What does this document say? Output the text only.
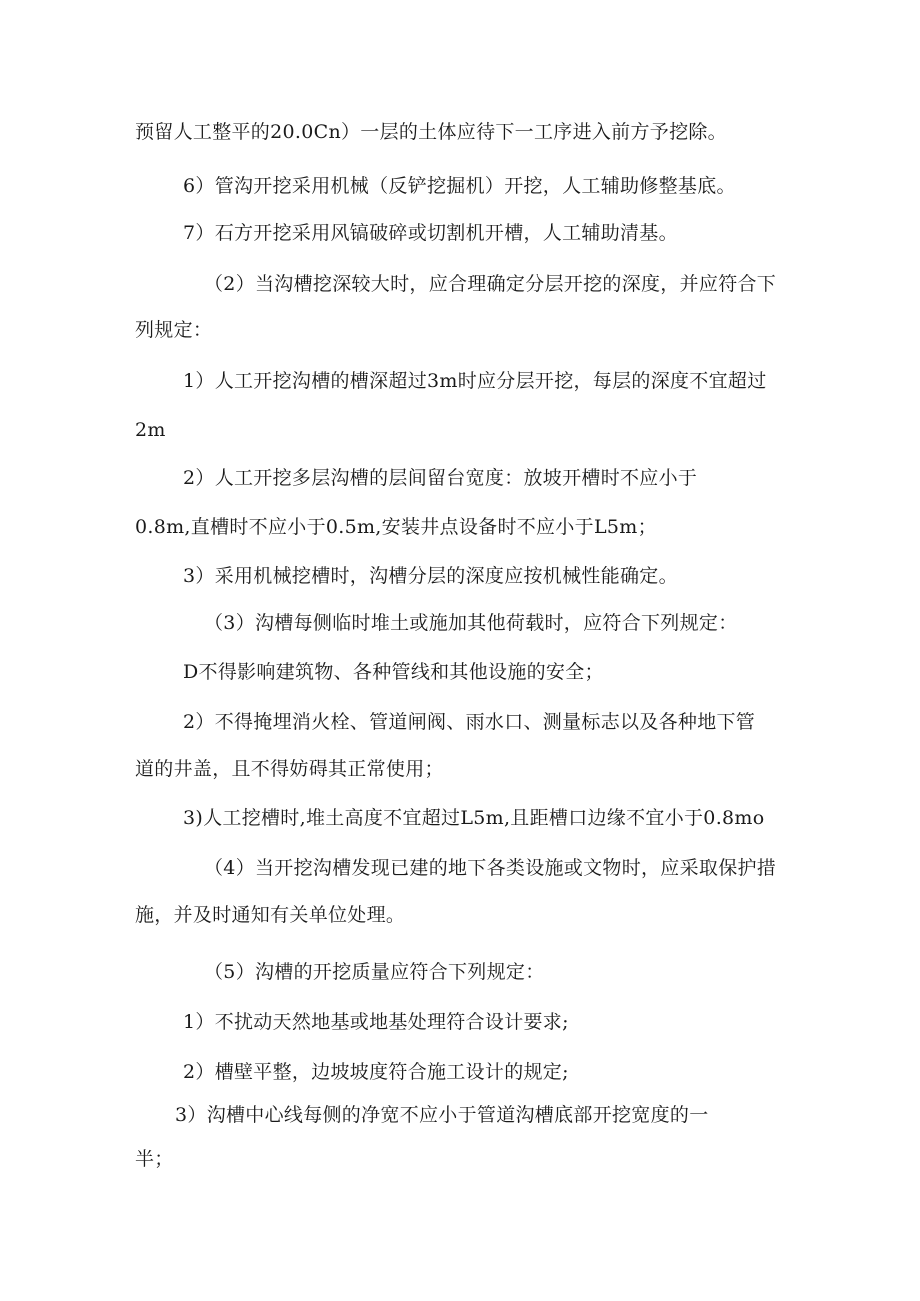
预留人工整平的20.0Cn）一层的土体应待下一工序进入前方予挖除。
6）管沟开挖采用机械（反铲挖掘机）开挖，人工辅助修整基底。
7）石方开挖采用风镐破碎或切割机开槽，人工辅助清基。
（2）当沟槽挖深较大时，应合理确定分层开挖的深度，并应符合下
列规定：
1）人工开挖沟槽的槽深超过3m时应分层开挖，每层的深度不宜超过
2m
2）人工开挖多层沟槽的层间留台宽度：放坡开槽时不应小于
0.8m,直槽时不应小于0.5m,安装井点设备时不应小于L5m；
3）采用机械挖槽时，沟槽分层的深度应按机械性能确定。
（3）沟槽每侧临时堆土或施加其他荷载时，应符合下列规定：
D不得影响建筑物、各种管线和其他设施的安全；
2）不得掩埋消火栓、管道闸阀、雨水口、测量标志以及各种地下管
道的井盖，且不得妨碍其正常使用；
3)人工挖槽时,堆土高度不宜超过L5m,且距槽口边缘不宜小于0.8mo
（4）当开挖沟槽发现已建的地下各类设施或文物时，应采取保护措
施，并及时通知有关单位处理。
（5）沟槽的开挖质量应符合下列规定：
1）不扰动天然地基或地基处理符合设计要求;
2）槽壁平整，边坡坡度符合施工设计的规定;
3）沟槽中心线每侧的净宽不应小于管道沟槽底部开挖宽度的一
半；
